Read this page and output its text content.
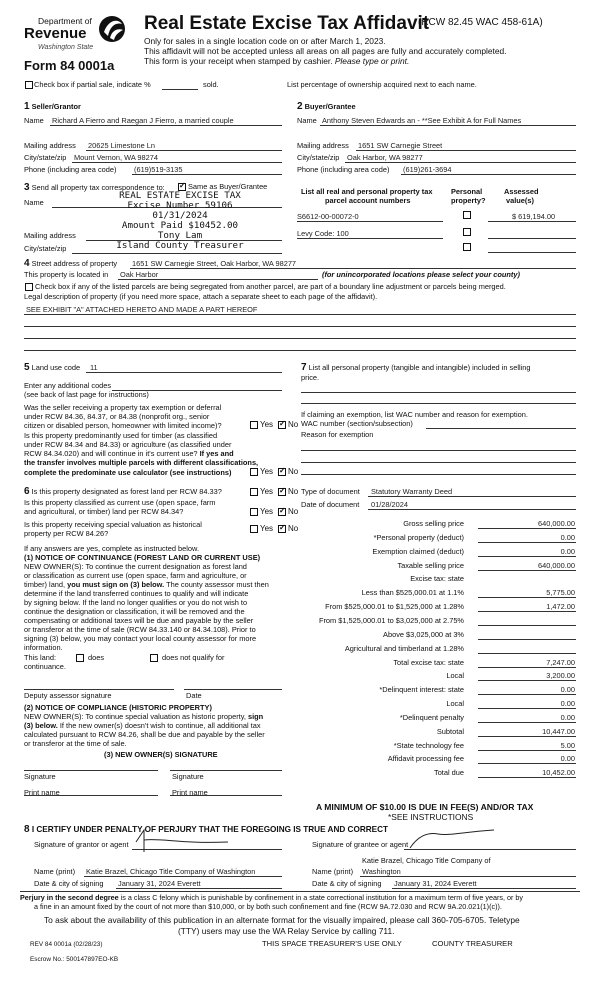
Department of
Revenue
Washington State
Form 84 0001a
Real Estate Excise Tax Affidavit
(RCW 82.45 WAC 458-61A)
Only for sales in a single location code on or after March 1, 2023.
This affidavit will not be accepted unless all areas on all pages are fully and accurately completed.
This form is your receipt when stamped by cashier. Please type or print.
Check box if partial sale, indicate %	sold.	List percentage of ownership acquired next to each name.
1 Seller/Grantor
Name Richard A Fierro and Raegan J Fierro, a married couple
Mailing address 20625 Limestone Ln
City/state/zip Mount Vernon, WA 98274
Phone (including area code) (619)519-3135
2 Buyer/Grantee
Name Anthony Steven Edwards an - **See Exhibit A for Full Names
Mailing address 1651 SW Carnegie Street
City/state/zip Oak Harbor, WA 98277
Phone (including area code) (619)261-3694
3 Send all property tax correspondence to: ✓	Same as Buyer/Grantee
Name
Mailing address
City/state/zip
REAL ESTATE EXCISE TAX
Excise Number 59106
01/31/2024
Amount Paid $10452.00
Tony Lam
Island County Treasurer
List all real and personal property tax
parcel account numbers
Personal
property?
Assessed
value(s)
S6612-00-00072-0	$ 619,194.00
Levy Code: 100
4 Street address of property 1651 SW Carnegie Street, Oak Harbor, WA 98277
This property is located in Oak Harbor	(for unincorporated locations please select your county)
Check box if any of the listed parcels are being segregated from another parcel, are part of a boundary line adjustment or parcels being merged.
Legal description of property (if you need more space, attach a separate sheet to each page of the affidavit).
SEE EXHIBIT "A" ATTACHED HERETO AND MADE A PART HEREOF
5 Land use code 11
Enter any additional codes
(see back of last page for instructions)
Was the seller receiving a property tax exemption or deferral
under RCW 84.36, 84.37, or 84.38 (nonprofit org., senior
citizen or disabled person, homeowner with limited income)?	Yes ✓ No
Is this property predominantly used for timber (as classified
under RCW 84.34 and 84.33) or agriculture (as classified under
RCW 84.34.020) and will continue in it's current use? If yes and
the transfer involves multiple parcels with different classifications,
complete the predominate use calculator (see instructions)	Yes ✓ No
6 Is this property designated as forest land per RCW 84.33?	Yes ✓ No
Is this property classified as current use (open space, farm
and agricultural, or timber) land per RCW 84.34?	Yes ✓ No
Is this property receiving special valuation as historical
property per RCW 84.26?
Yes ✓ No
If any answers are yes, complete as instructed below.
(1) NOTICE OF CONTINUANCE (FOREST LAND OR CURRENT USE)
NEW OWNER(S): To continue the current designation as forest land
or classification as current use (open space, farm and agriculture, or
timber) land, you must sign on (3) below. The county assessor must then
determine if the land transferred continues to qualify and will indicate
by signing below. If the land no longer qualifies or you do not wish to
continue the designation or classification, it will be removed and the
compensating or additional taxes will be due and payable by the seller
or transferor at the time of sale (RCW 84.33.140 or 84.34.108). Prior to
signing (3) below, you may contact your local county assessor for more
information.
This land:	does	does not qualify for
continuance.
Deputy assessor signature	Date
(2) NOTICE OF COMPLIANCE (HISTORIC PROPERTY)
NEW OWNER(S): To continue special valuation as historic property, sign
(3) below. If the new owner(s) doesn't wish to continue, all additional tax
calculated pursuant to RCW 84.26, shall be due and payable by the seller
or transferor at the time of sale.
(3) NEW OWNER(S) SIGNATURE
Signature	Signature
Print name	Print name
7 List all personal property (tangible and intangible) included in selling
price.
If claiming an exemption, list WAC number and reason for exemption.
WAC number (section/subsection)
Reason for exemption
Type of document Statutory Warranty Deed
Date of document 01/28/2024
Gross selling price	640,000.00
*Personal property (deduct)	0.00
Exemption claimed (deduct)	0.00
Taxable selling price	640,000.00
Excise tax: state
Less than $525,000.01 at 1.1%	5,775.00
From $525,000.01 to $1,525,000 at 1.28%	1,472.00
From $1,525,000.01 to $3,025,000 at 2.75%
Above $3,025,000 at 3%
Agricultural and timberland at 1.28%
Total excise tax: state	7,247.00
Local	3,200.00
*Delinquent interest: state	0.00
Local	0.00
*Delinquent penalty	0.00
Subtotal	10,447.00
*State technology fee	5.00
Affidavit processing fee	0.00
Total due	10,452.00
A MINIMUM OF $10.00 IS DUE IN FEE(S) AND/OR TAX
*SEE INSTRUCTIONS
8 I CERTIFY UNDER PENALTY OF PERJURY THAT THE FOREGOING IS TRUE AND CORRECT
Signature of grantor or agent	Signature of grantee or agent
Katie Brazel, Chicago Title Company of
Name (print) Katie Brazel, Chicago Title Company of Washington	Name (print) Washington
Date & city of signing January 31, 2024 Everett	Date & city of signing January 31, 2024 Everett
Perjury in the second degree is a class C felony which is punishable by confinement in a state correctional institution for a maximum term of five years, or by
a fine in an amount fixed by the court of not more than $10,000, or by both such confinement and fine (RCW 9A.72.030 and RCW 9A.20.021(1)(c)).
To ask about the availability of this publication in an alternate format for the visually impaired, please call 360-705-6705. Teletype
(TTY) users may use the WA Relay Service by calling 711.
REV 84 0001a (02/28/23)	THIS SPACE TREASURER'S USE ONLY	COUNTY TREASURER
Escrow No.: 500147897EO-KB
